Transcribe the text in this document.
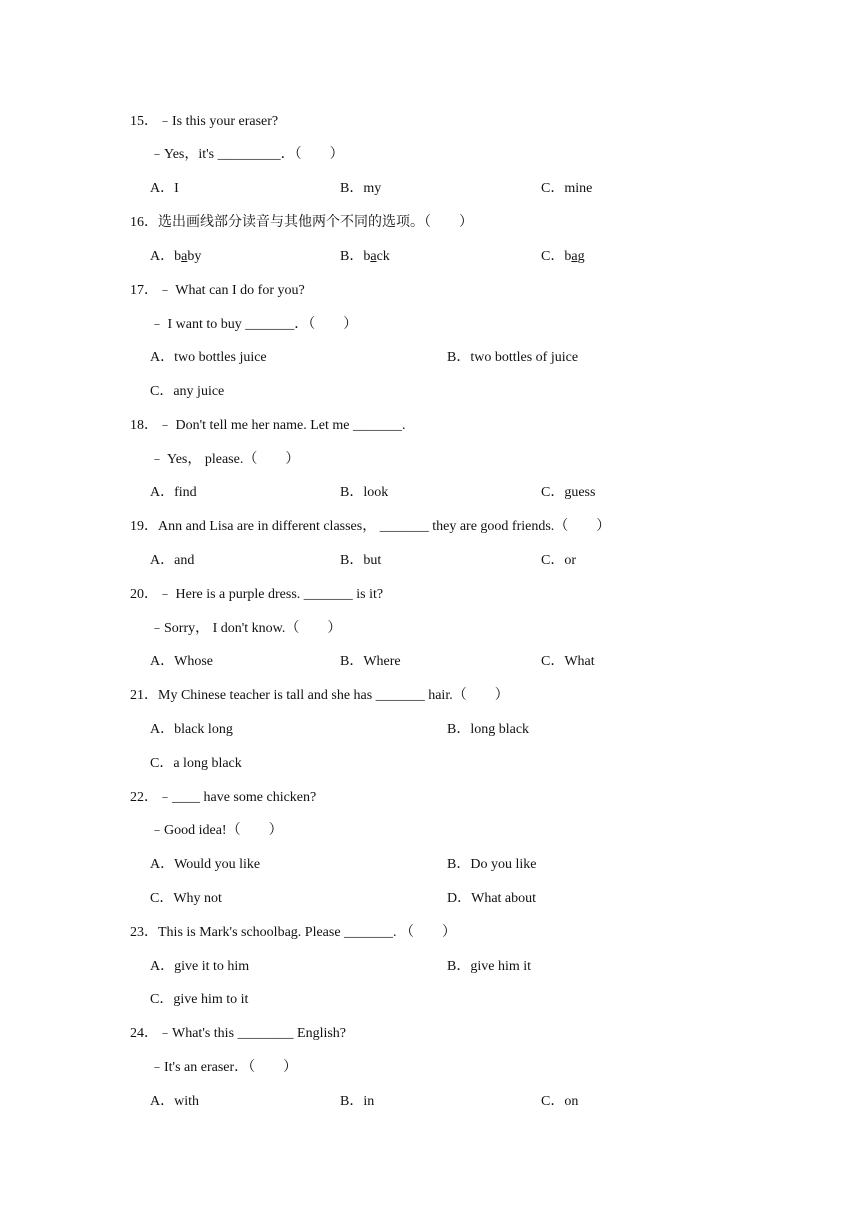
15．﹣Is this your eraser?
﹣Yes，it's _________．（　　）
A．I	B．my	C．mine
16．选出画线部分读音与其他两个不同的选项。（　　）
A．baby	B．back	C．bag
17．﹣ What can I do for you?
﹣ I want to buy _______．（　　）
A．two bottles juice	B．two bottles of juice
C．any juice
18．﹣ Don't tell me her name. Let me _______.
﹣ Yes， please.（　　）
A．find	B．look	C．guess
19．Ann and Lisa are in different classes， _______ they are good friends.（　　）
A．and	B．but	C．or
20．﹣ Here is a purple dress. _______ is it?
﹣Sorry， I don't know.（　　）
A．Whose	B．Where	C．What
21．My Chinese teacher is tall and she has _______ hair.（　　）
A．black long	B．long black
C．a long black
22．﹣____ have some chicken?
﹣Good idea!（　　）
A．Would you like	B．Do you like
C．Why not	D．What about
23．This is Mark's schoolbag. Please _______. （　　）
A．give it to him	B．give him it
C．give him to it
24．﹣What's this ________ English?
﹣It's an eraser．（　　）
A．with	B．in	C．on
